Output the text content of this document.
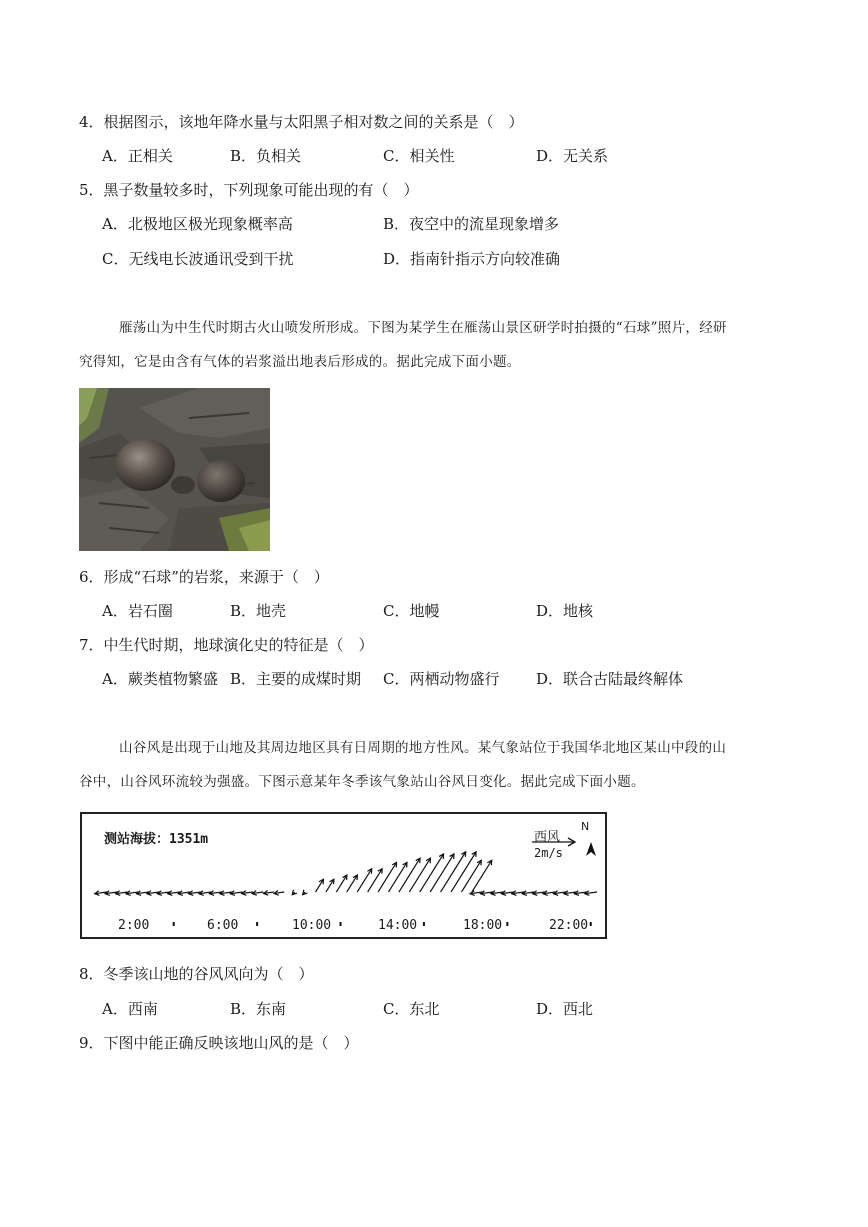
4．根据图示，该地年降水量与太阳黑子相对数之间的关系是（　）
A．正相关	B．负相关	C．相关性	D．无关系
5．黑子数量较多时，下列现象可能出现的有（　）
A．北极地区极光现象概率高	B．夜空中的流星现象增多
C．无线电长波通讯受到干扰	D．指南针指示方向较准确
雁荡山为中生代时期古火山喷发所形成。下图为某学生在雁荡山景区研学时拍摄的“石球”照片，经研
究得知，它是由含有气体的岩浆溢出地表后形成的。据此完成下面小题。
6．形成“石球”的岩浆，来源于（　）
A．岩石圈	B．地壳	C．地幔	D．地核
7．中生代时期，地球演化史的特征是（　）
A．蕨类植物繁盛 B．主要的成煤时期 C．两栖动物盛行 D．联合古陆最终解体
山谷风是出现于山地及其周边地区具有日周期的地方性风。某气象站位于我国华北地区某山中段的山
谷中，山谷风环流较为强盛。下图示意某年冬季该气象站山谷风日变化。据此完成下面小题。
测站海拔：1351m	西风
2m/s
N
2:00	6:00	10:00	14:00	18:00	22:00
8．冬季该山地的谷风风向为（　）
A．西南	B．东南	C．东北	D．西北
9．下图中能正确反映该地山风的是（　）
